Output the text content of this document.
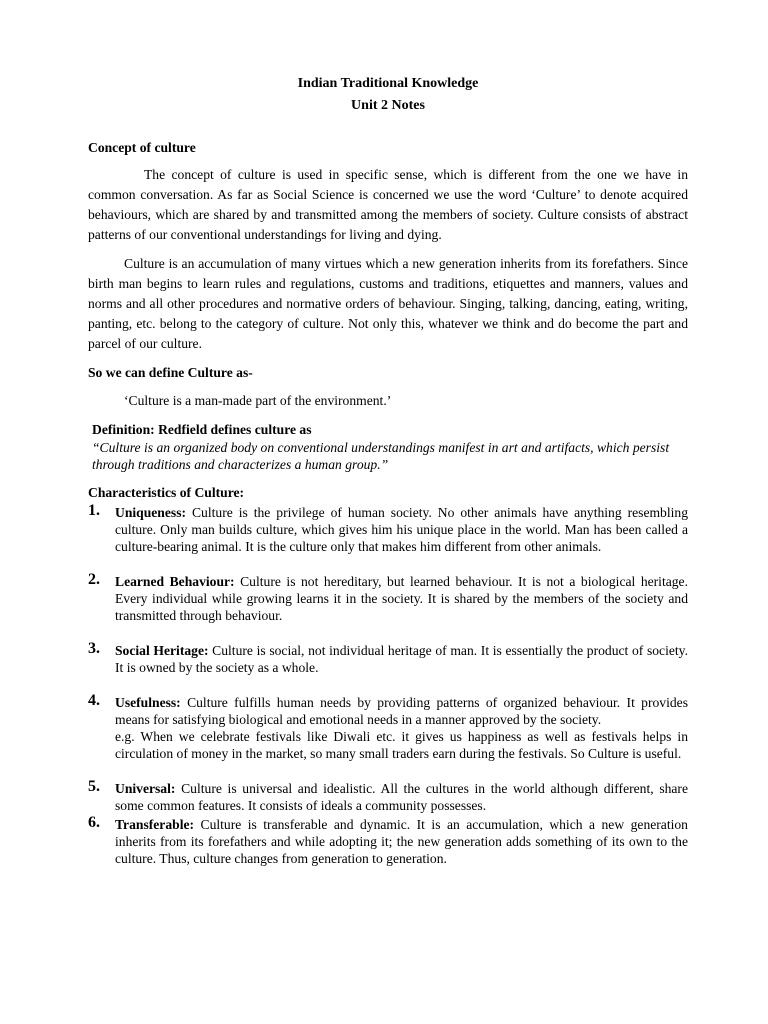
Indian Traditional Knowledge
Unit 2 Notes
Concept of culture

The concept of culture is used in specific sense, which is different from the one we have in common conversation. As far as Social Science is concerned we use the word ‘Culture’ to denote acquired behaviours, which are shared by and transmitted among the members of society. Culture consists of abstract patterns of our conventional understandings for living and dying.

Culture is an accumulation of many virtues which a new generation inherits from its forefathers. Since birth man begins to learn rules and regulations, customs and traditions, etiquettes and manners, values and norms and all other procedures and normative orders of behaviour. Singing, talking, dancing, eating, writing, panting, etc. belong to the category of culture. Not only this, whatever we think and do become the part and parcel of our culture.

So we can define Culture as-
‘Culture is a man-made part of the environment.’
Definition: Redfield defines culture as
“Culture is an organized body on conventional understandings manifest in art and artifacts, which persist through traditions and characterizes a human group.”
Characteristics of Culture:
1. Uniqueness: Culture is the privilege of human society. No other animals have anything resembling culture. Only man builds culture, which gives him his unique place in the world. Man has been called a culture-bearing animal. It is the culture only that makes him different from other animals.
2. Learned Behaviour: Culture is not hereditary, but learned behaviour. It is not a biological heritage. Every individual while growing learns it in the society. It is shared by the members of the society and transmitted through behaviour.
3. Social Heritage: Culture is social, not individual heritage of man. It is essentially the product of society. It is owned by the society as a whole.
4. Usefulness: Culture fulfills human needs by providing patterns of organized behaviour. It provides means for satisfying biological and emotional needs in a manner approved by the society.
e.g. When we celebrate festivals like Diwali etc. it gives us happiness as well as festivals helps in circulation of money in the market, so many small traders earn during the festivals. So Culture is useful.
5. Universal: Culture is universal and idealistic. All the cultures in the world although different, share some common features. It consists of ideals a community possesses.
6. Transferable: Culture is transferable and dynamic. It is an accumulation, which a new generation inherits from its forefathers and while adopting it; the new generation adds something of its own to the culture. Thus, culture changes from generation to generation.
